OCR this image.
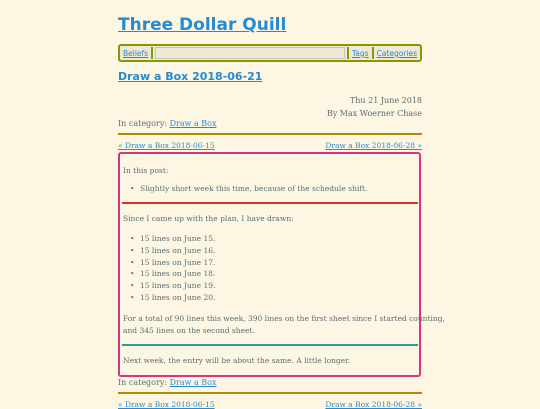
Three Dollar Quill
Beliefs	Tags	Categories
Draw a Box 2018-06-21
Thu 21 June 2018
By Max Woerner Chase
In category: Draw a Box
« Draw a Box 2018-06-15	Draw a Box 2018-06-28 »
In this post:
• Slightly short week this time, because of the schedule shift.
Since I came up with the plan, I have drawn:
• 15 lines on June 15.
• 15 lines on June 16.
• 15 lines on June 17.
• 15 lines on June 18.
• 15 lines on June 19.
• 15 lines on June 20.
For a total of 90 lines this week, 390 lines on the first sheet since I started counting,
and 345 lines on the second sheet.
Next week, the entry will be about the same. A little longer.
In category: Draw a Box
« Draw a Box 2018-06-15	Draw a Box 2018-06-28 »
